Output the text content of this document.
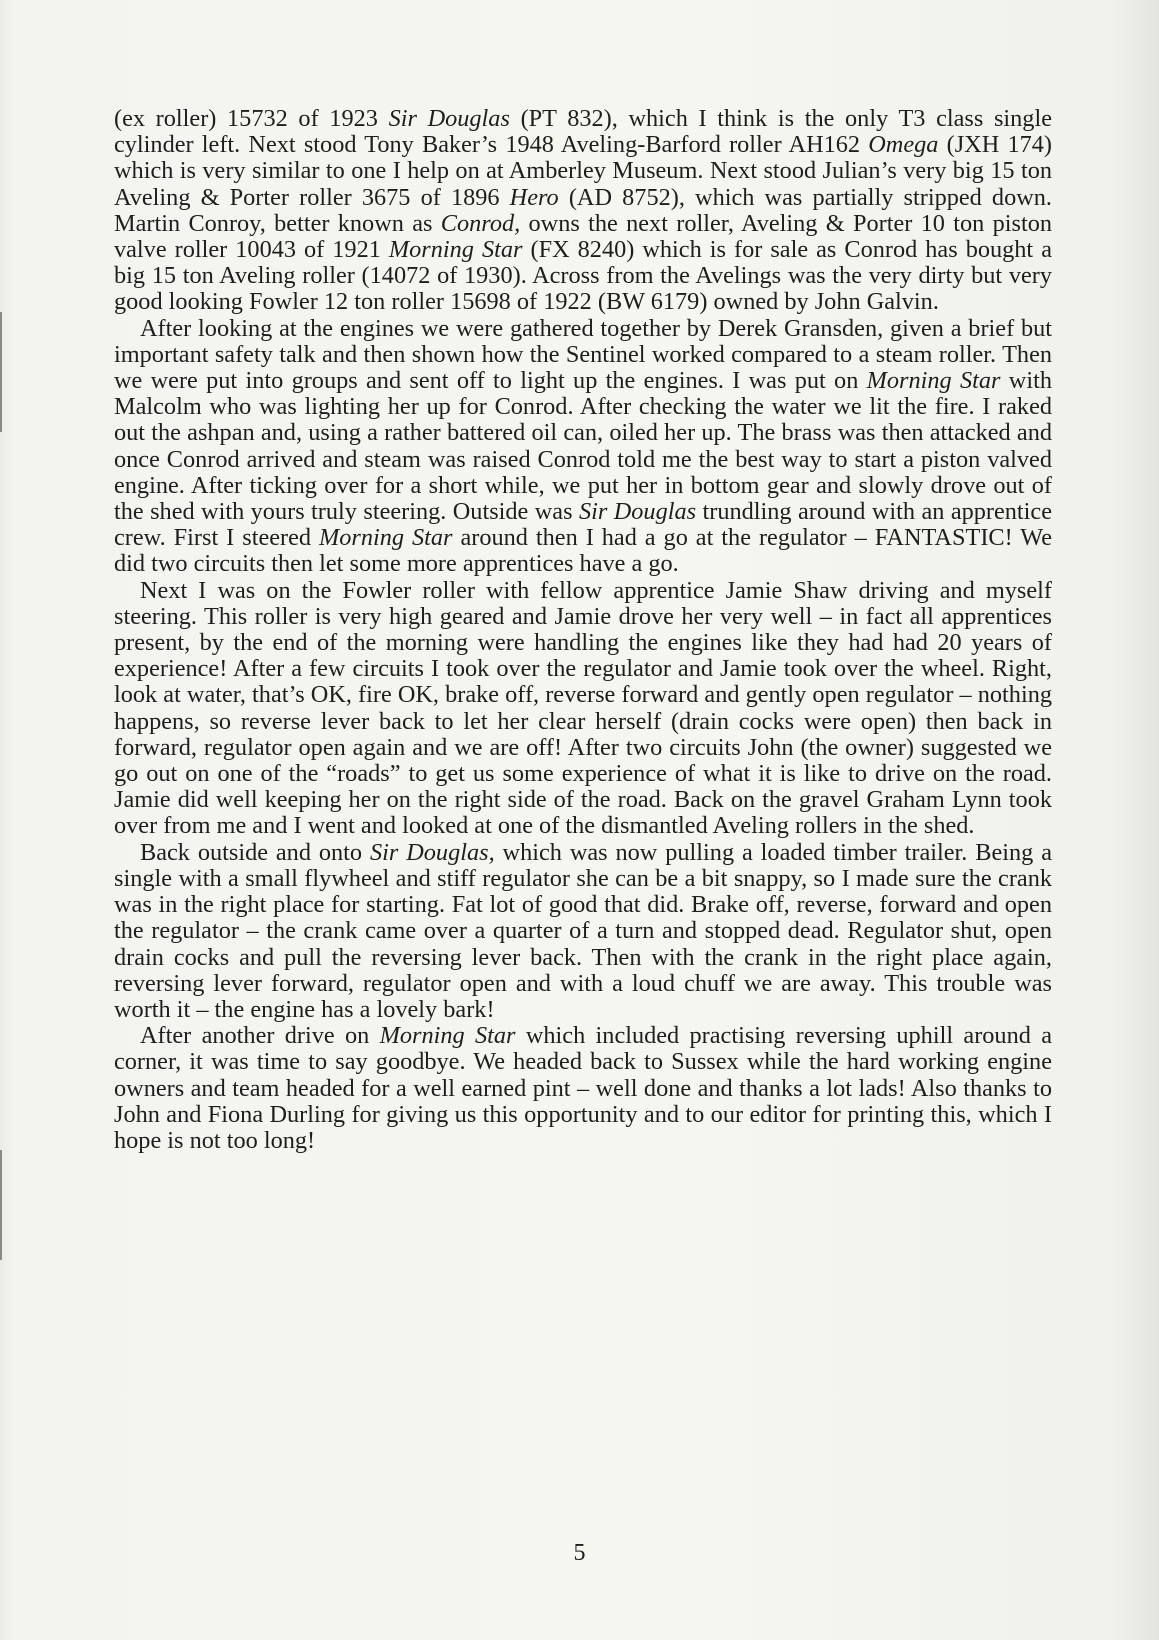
(ex roller) 15732 of 1923 Sir Douglas (PT 832), which I think is the only T3 class single cylinder left. Next stood Tony Baker’s 1948 Aveling-Barford roller AH162 Omega (JXH 174) which is very similar to one I help on at Amberley Museum. Next stood Julian’s very big 15 ton Aveling & Porter roller 3675 of 1896 Hero (AD 8752), which was partially stripped down. Martin Conroy, better known as Conrod, owns the next roller, Aveling & Porter 10 ton piston valve roller 10043 of 1921 Morning Star (FX 8240) which is for sale as Conrod has bought a big 15 ton Aveling roller (14072 of 1930). Across from the Avelings was the very dirty but very good looking Fowler 12 ton roller 15698 of 1922 (BW 6179) owned by John Galvin.

After looking at the engines we were gathered together by Derek Gransden, given a brief but important safety talk and then shown how the Sentinel worked compared to a steam roller. Then we were put into groups and sent off to light up the engines. I was put on Morning Star with Malcolm who was lighting her up for Conrod. After checking the water we lit the fire. I raked out the ashpan and, using a rather battered oil can, oiled her up. The brass was then attacked and once Conrod arrived and steam was raised Conrod told me the best way to start a piston valved engine. After ticking over for a short while, we put her in bottom gear and slowly drove out of the shed with yours truly steering. Outside was Sir Douglas trundling around with an apprentice crew. First I steered Morning Star around then I had a go at the regulator – FANTASTIC! We did two circuits then let some more apprentices have a go.

Next I was on the Fowler roller with fellow apprentice Jamie Shaw driving and myself steering. This roller is very high geared and Jamie drove her very well – in fact all apprentices present, by the end of the morning were handling the engines like they had had 20 years of experience! After a few circuits I took over the regulator and Jamie took over the wheel. Right, look at water, that’s OK, fire OK, brake off, reverse forward and gently open regulator – nothing happens, so reverse lever back to let her clear herself (drain cocks were open) then back in forward, regulator open again and we are off! After two circuits John (the owner) suggested we go out on one of the “roads” to get us some experience of what it is like to drive on the road. Jamie did well keeping her on the right side of the road. Back on the gravel Graham Lynn took over from me and I went and looked at one of the dismantled Aveling rollers in the shed.

Back outside and onto Sir Douglas, which was now pulling a loaded timber trailer. Being a single with a small flywheel and stiff regulator she can be a bit snappy, so I made sure the crank was in the right place for starting. Fat lot of good that did. Brake off, reverse, forward and open the regulator – the crank came over a quarter of a turn and stopped dead. Regulator shut, open drain cocks and pull the reversing lever back. Then with the crank in the right place again, reversing lever forward, regulator open and with a loud chuff we are away. This trouble was worth it – the engine has a lovely bark!

After another drive on Morning Star which included practising reversing uphill around a corner, it was time to say goodbye. We headed back to Sussex while the hard working engine owners and team headed for a well earned pint – well done and thanks a lot lads! Also thanks to John and Fiona Durling for giving us this opportunity and to our editor for printing this, which I hope is not too long!

5
